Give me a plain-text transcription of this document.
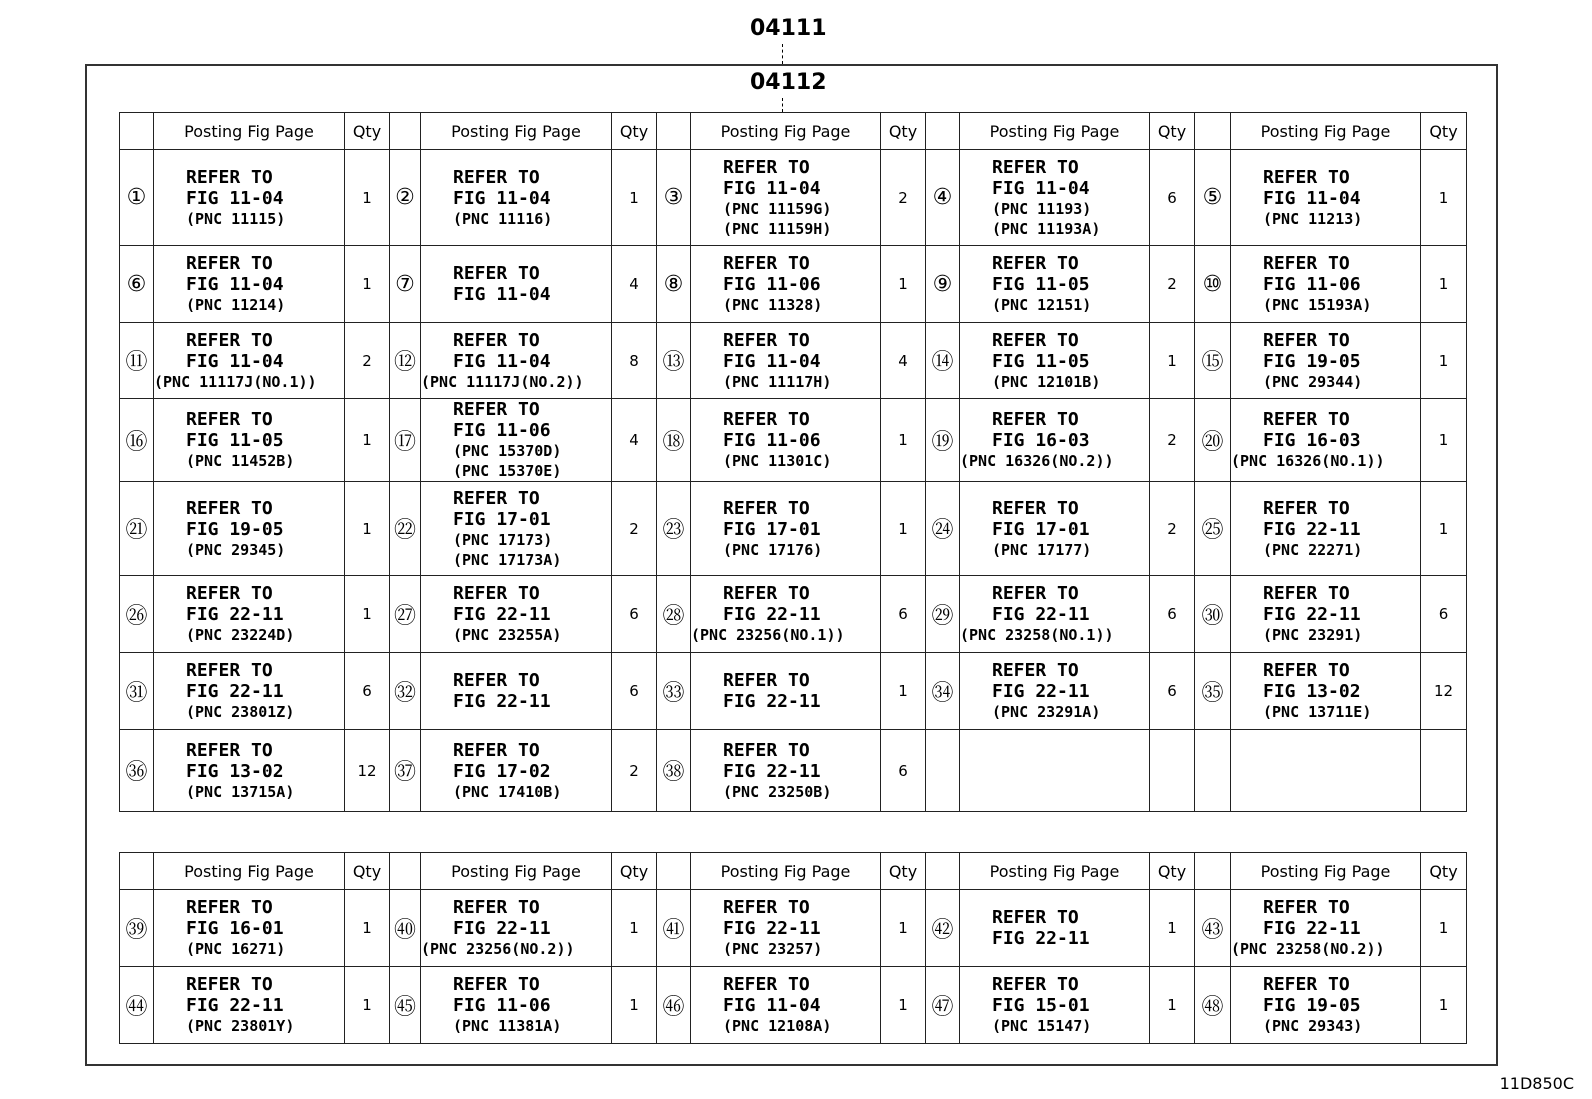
04111
04112
	Posting Fig Page	Qty		Posting Fig Page	Qty		Posting Fig Page	Qty		Posting Fig Page	Qty		Posting Fig Page	Qty
①	REFER TO
FIG 11-04
(PNC 11115)	1	②	REFER TO
FIG 11-04
(PNC 11116)	1	③	REFER TO
FIG 11-04
(PNC 11159G)
(PNC 11159H)	2	④	REFER TO
FIG 11-04
(PNC 11193)
(PNC 11193A)	6	⑤	REFER TO
FIG 11-04
(PNC 11213)	1
⑥	REFER TO
FIG 11-04
(PNC 11214)	1	⑦	REFER TO
FIG 11-04	4	⑧	REFER TO
FIG 11-06
(PNC 11328)	1	⑨	REFER TO
FIG 11-05
(PNC 12151)	2	⑩	REFER TO
FIG 11-06
(PNC 15193A)	1
⑪	REFER TO
FIG 11-04
(PNC 11117J(NO.1))	2	⑫	REFER TO
FIG 11-04
(PNC 11117J(NO.2))	8	⑬	REFER TO
FIG 11-04
(PNC 11117H)	4	⑭	REFER TO
FIG 11-05
(PNC 12101B)	1	⑮	REFER TO
FIG 19-05
(PNC 29344)	1
⑯	REFER TO
FIG 11-05
(PNC 11452B)	1	⑰	REFER TO
FIG 11-06
(PNC 15370D)
(PNC 15370E)	4	⑱	REFER TO
FIG 11-06
(PNC 11301C)	1	⑲	REFER TO
FIG 16-03
(PNC 16326(NO.2))	2	⑳	REFER TO
FIG 16-03
(PNC 16326(NO.1))	1
㉑	REFER TO
FIG 19-05
(PNC 29345)	1	㉒	REFER TO
FIG 17-01
(PNC 17173)
(PNC 17173A)	2	㉓	REFER TO
FIG 17-01
(PNC 17176)	1	㉔	REFER TO
FIG 17-01
(PNC 17177)	2	㉕	REFER TO
FIG 22-11
(PNC 22271)	1
㉖	REFER TO
FIG 22-11
(PNC 23224D)	1	㉗	REFER TO
FIG 22-11
(PNC 23255A)	6	㉘	REFER TO
FIG 22-11
(PNC 23256(NO.1))	6	㉙	REFER TO
FIG 22-11
(PNC 23258(NO.1))	6	㉚	REFER TO
FIG 22-11
(PNC 23291)	6
㉛	REFER TO
FIG 22-11
(PNC 23801Z)	6	㉜	REFER TO
FIG 22-11	6	㉝	REFER TO
FIG 22-11	1	㉞	REFER TO
FIG 22-11
(PNC 23291A)	6	㉟	REFER TO
FIG 13-02
(PNC 13711E)	12
㊱	REFER TO
FIG 13-02
(PNC 13715A)	12	㊲	REFER TO
FIG 17-02
(PNC 17410B)	2	㊳	REFER TO
FIG 22-11
(PNC 23250B)	6		

	Posting Fig Page	Qty		Posting Fig Page	Qty		Posting Fig Page	Qty		Posting Fig Page	Qty		Posting Fig Page	Qty
㊴	REFER TO
FIG 16-01
(PNC 16271)	1	㊵	REFER TO
FIG 22-11
(PNC 23256(NO.2))	1	㊶	REFER TO
FIG 22-11
(PNC 23257)	1	㊷	REFER TO
FIG 22-11	1	㊸	REFER TO
FIG 22-11
(PNC 23258(NO.2))	1
㊹	REFER TO
FIG 22-11
(PNC 23801Y)	1	㊺	REFER TO
FIG 11-06
(PNC 11381A)	1	㊻	REFER TO
FIG 11-04
(PNC 12108A)	1	㊼	REFER TO
FIG 15-01
(PNC 15147)	1	㊽	REFER TO
FIG 19-05
(PNC 29343)	1
11D850C
